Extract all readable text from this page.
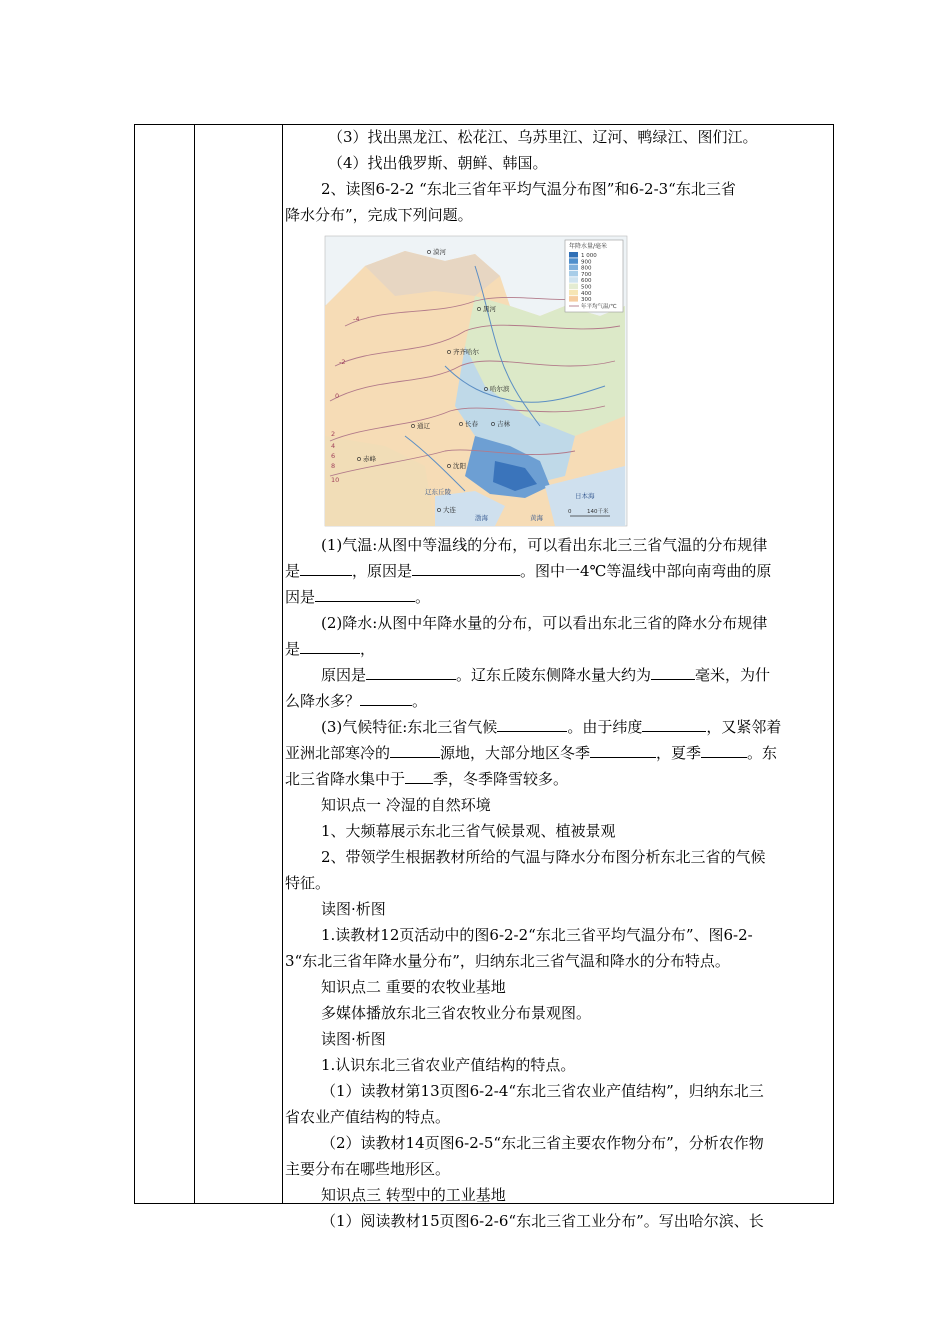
（3）找出黑龙江、松花江、乌苏里江、辽河、鸭绿江、图们江。

（4）找出俄罗斯、朝鲜、韩国。

2、读图6-2-2 “东北三省年平均气温分布图”和6-2-3“东北三省

降水分布”，完成下列问题。

年降水量/毫米
1 000
900
800
700
600
500
400
300
年平均气温/℃
漠河
黑河
齐齐哈尔
哈尔滨
长春	吉林
通辽
赤峰
沈阳
大连
辽东丘陵	日本海
渤海	黄海
-4
-2
0
2
4
6
8
10
0	140千米

(1)气温:从图中等温线的分布，可以看出东北三三省气温的分布规律

是	，原因是	。图中一4℃等温线中部向南弯曲的原

因是	。

(2)降水:从图中年降水量的分布，可以看出东北三省的降水分布规律

是	，

原因是	。辽东丘陵东侧降水量大约为	毫米，为什

么降水多？	。

(3)气候特征:东北三省气候	。由于纬度	，又紧邻着

亚洲北部寒冷的	源地，大部分地区冬季	，夏季	。东

北三省降水集中于 季，冬季降雪较多。

知识点一 冷湿的自然环境

1、大频幕展示东北三省气候景观、植被景观

2、带领学生根据教材所给的气温与降水分布图分析东北三省的气候

特征。

读图·析图

1.读教材12页活动中的图6-2-2“东北三省平均气温分布”、图6-2-

3“东北三省年降水量分布”，归纳东北三省气温和降水的分布特点。

知识点二 重要的农牧业基地

多媒体播放东北三省农牧业分布景观图。

读图·析图

1.认识东北三省农业产值结构的特点。

（1）读教材第13页图6-2-4“东北三省农业产值结构”，归纳东北三

省农业产值结构的特点。

（2）读教材14页图6-2-5“东北三省主要农作物分布”，分析农作物

主要分布在哪些地形区。

知识点三 转型中的工业基地

（1）阅读教材15页图6-2-6“东北三省工业分布”。写出哈尔滨、长
